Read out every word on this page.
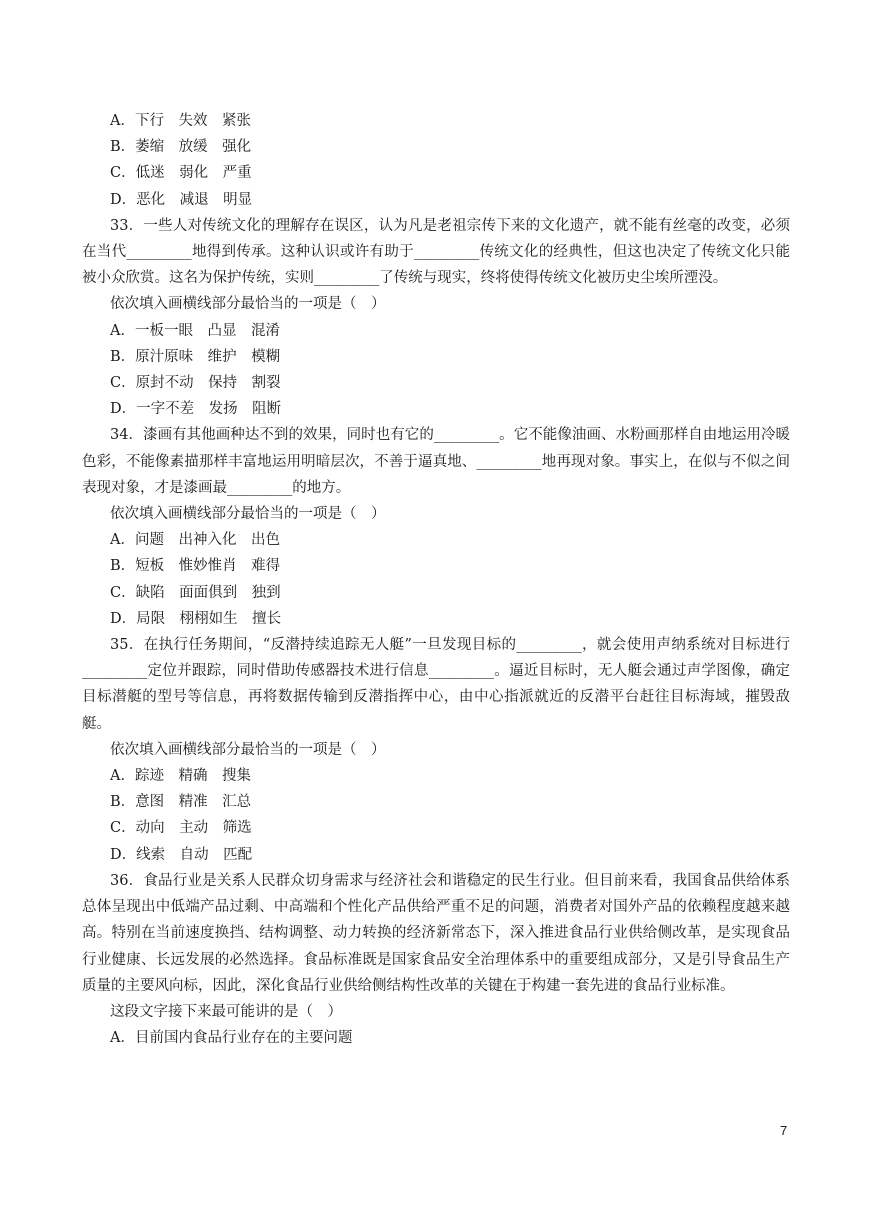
A．下行　失效　紧张
B．萎缩　放缓　强化
C．低迷　弱化　严重
D．恶化　减退　明显
33．一些人对传统文化的理解存在误区，认为凡是老祖宗传下来的文化遗产，就不能有丝毫的改变，必须在当代_________地得到传承。这种认识或许有助于_________传统文化的经典性，但这也决定了传统文化只能被小众欣赏。这名为保护传统，实则_________了传统与现实，终将使得传统文化被历史尘埃所湮没。
依次填入画横线部分最恰当的一项是（　）
A．一板一眼　凸显　混淆
B．原汁原味　维护　模糊
C．原封不动　保持　割裂
D．一字不差　发扬　阻断
34．漆画有其他画种达不到的效果，同时也有它的_________。它不能像油画、水粉画那样自由地运用冷暖色彩，不能像素描那样丰富地运用明暗层次，不善于逼真地、_________地再现对象。事实上，在似与不似之间表现对象，才是漆画最_________的地方。
依次填入画横线部分最恰当的一项是（　）
A．问题　出神入化　出色
B．短板　惟妙惟肖　难得
C．缺陷　面面俱到　独到
D．局限　栩栩如生　擅长
35．在执行任务期间，“反潜持续追踪无人艇”一旦发现目标的_________，就会使用声纳系统对目标进行_________定位并跟踪，同时借助传感器技术进行信息_________。逼近目标时，无人艇会通过声学图像，确定目标潜艇的型号等信息，再将数据传输到反潜指挥中心，由中心指派就近的反潜平台赶往目标海域，摧毁敌艇。
依次填入画横线部分最恰当的一项是（　）
A．踪迹　精确　搜集
B．意图　精准　汇总
C．动向　主动　筛选
D．线索　自动　匹配
36．食品行业是关系人民群众切身需求与经济社会和谐稳定的民生行业。但目前来看，我国食品供给体系总体呈现出中低端产品过剩、中高端和个性化产品供给严重不足的问题，消费者对国外产品的依赖程度越来越高。特别在当前速度换挡、结构调整、动力转换的经济新常态下，深入推进食品行业供给侧改革，是实现食品行业健康、长远发展的必然选择。食品标准既是国家食品安全治理体系中的重要组成部分，又是引导食品生产质量的主要风向标，因此，深化食品行业供给侧结构性改革的关键在于构建一套先进的食品行业标准。
这段文字接下来最可能讲的是（　）
A．目前国内食品行业存在的主要问题
7
